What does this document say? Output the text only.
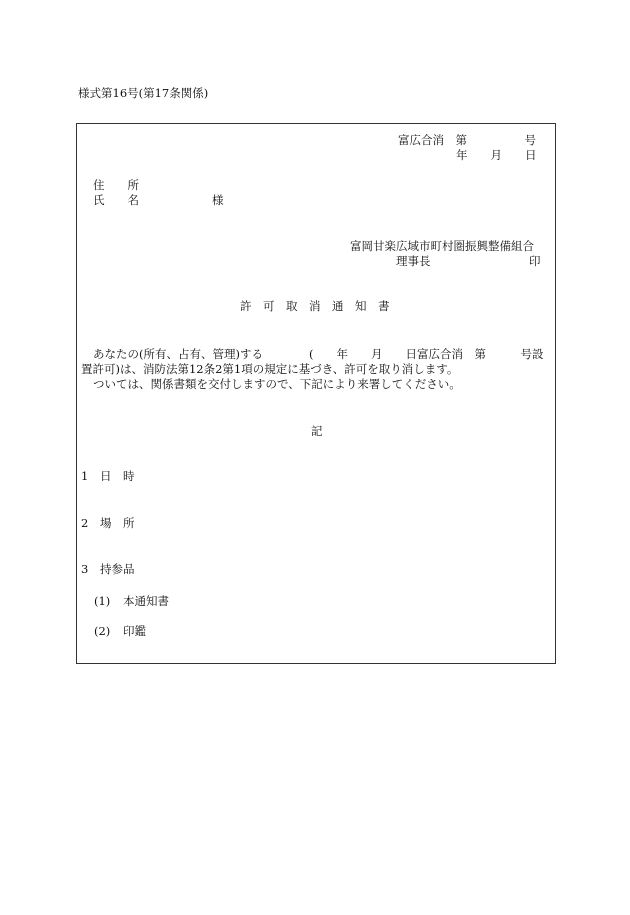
様式第16号(第17条関係)
富広合消　第　　　　　号
年　　月　　日
住　　所
氏　　名	様
富岡甘楽広域市町村圏振興整備組合
理事長	印
許　可　取　消　通　知　書
あなたの(所有、占有、管理)する　　　　(　　年　　月　　日富広合消　第　　　号設
置許可)は、消防法第12条2第1項の規定に基づき、許可を取り消します。
ついては、関係書類を交付しますので、下記により来署してください。
記
1 日　時
2 場　所
3 持参品
(1) 本通知書
(2) 印鑑
